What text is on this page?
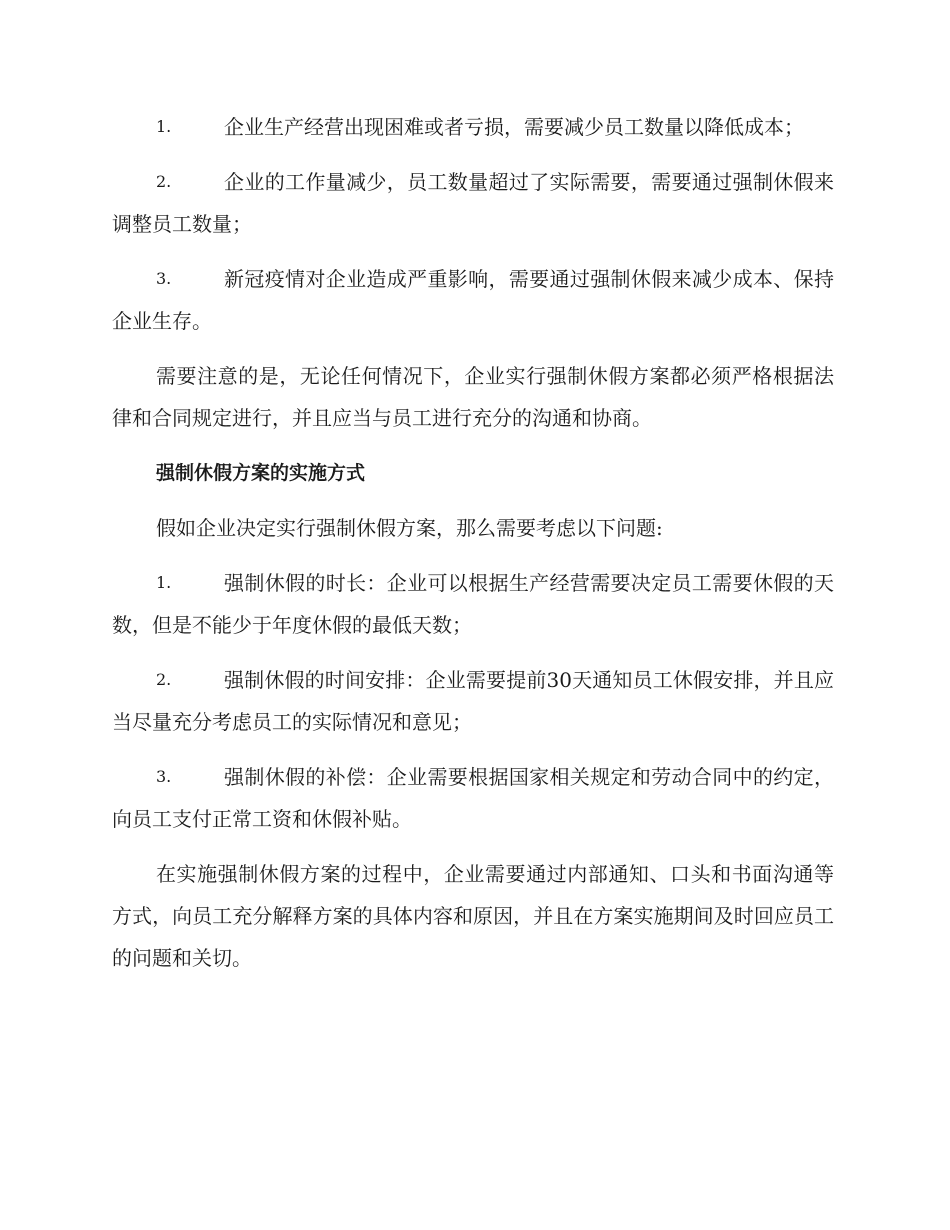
1.	企业生产经营出现困难或者亏损，需要减少员工数量以降低成本；
2.	企业的工作量减少，员工数量超过了实际需要，需要通过强制休假来调整员工数量；
3.	新冠疫情对企业造成严重影响，需要通过强制休假来减少成本、保持企业生存。
需要注意的是，无论任何情况下，企业实行强制休假方案都必须严格根据法律和合同规定进行，并且应当与员工进行充分的沟通和协商。
强制休假方案的实施方式
假如企业决定实行强制休假方案，那么需要考虑以下问题:
1.	强制休假的时长：企业可以根据生产经营需要决定员工需要休假的天数，但是不能少于年度休假的最低天数；
2.	强制休假的时间安排：企业需要提前30天通知员工休假安排，并且应当尽量充分考虑员工的实际情况和意见；
3.	强制休假的补偿：企业需要根据国家相关规定和劳动合同中的约定，向员工支付正常工资和休假补贴。
在实施强制休假方案的过程中，企业需要通过内部通知、口头和书面沟通等方式，向员工充分解释方案的具体内容和原因，并且在方案实施期间及时回应员工的问题和关切。
